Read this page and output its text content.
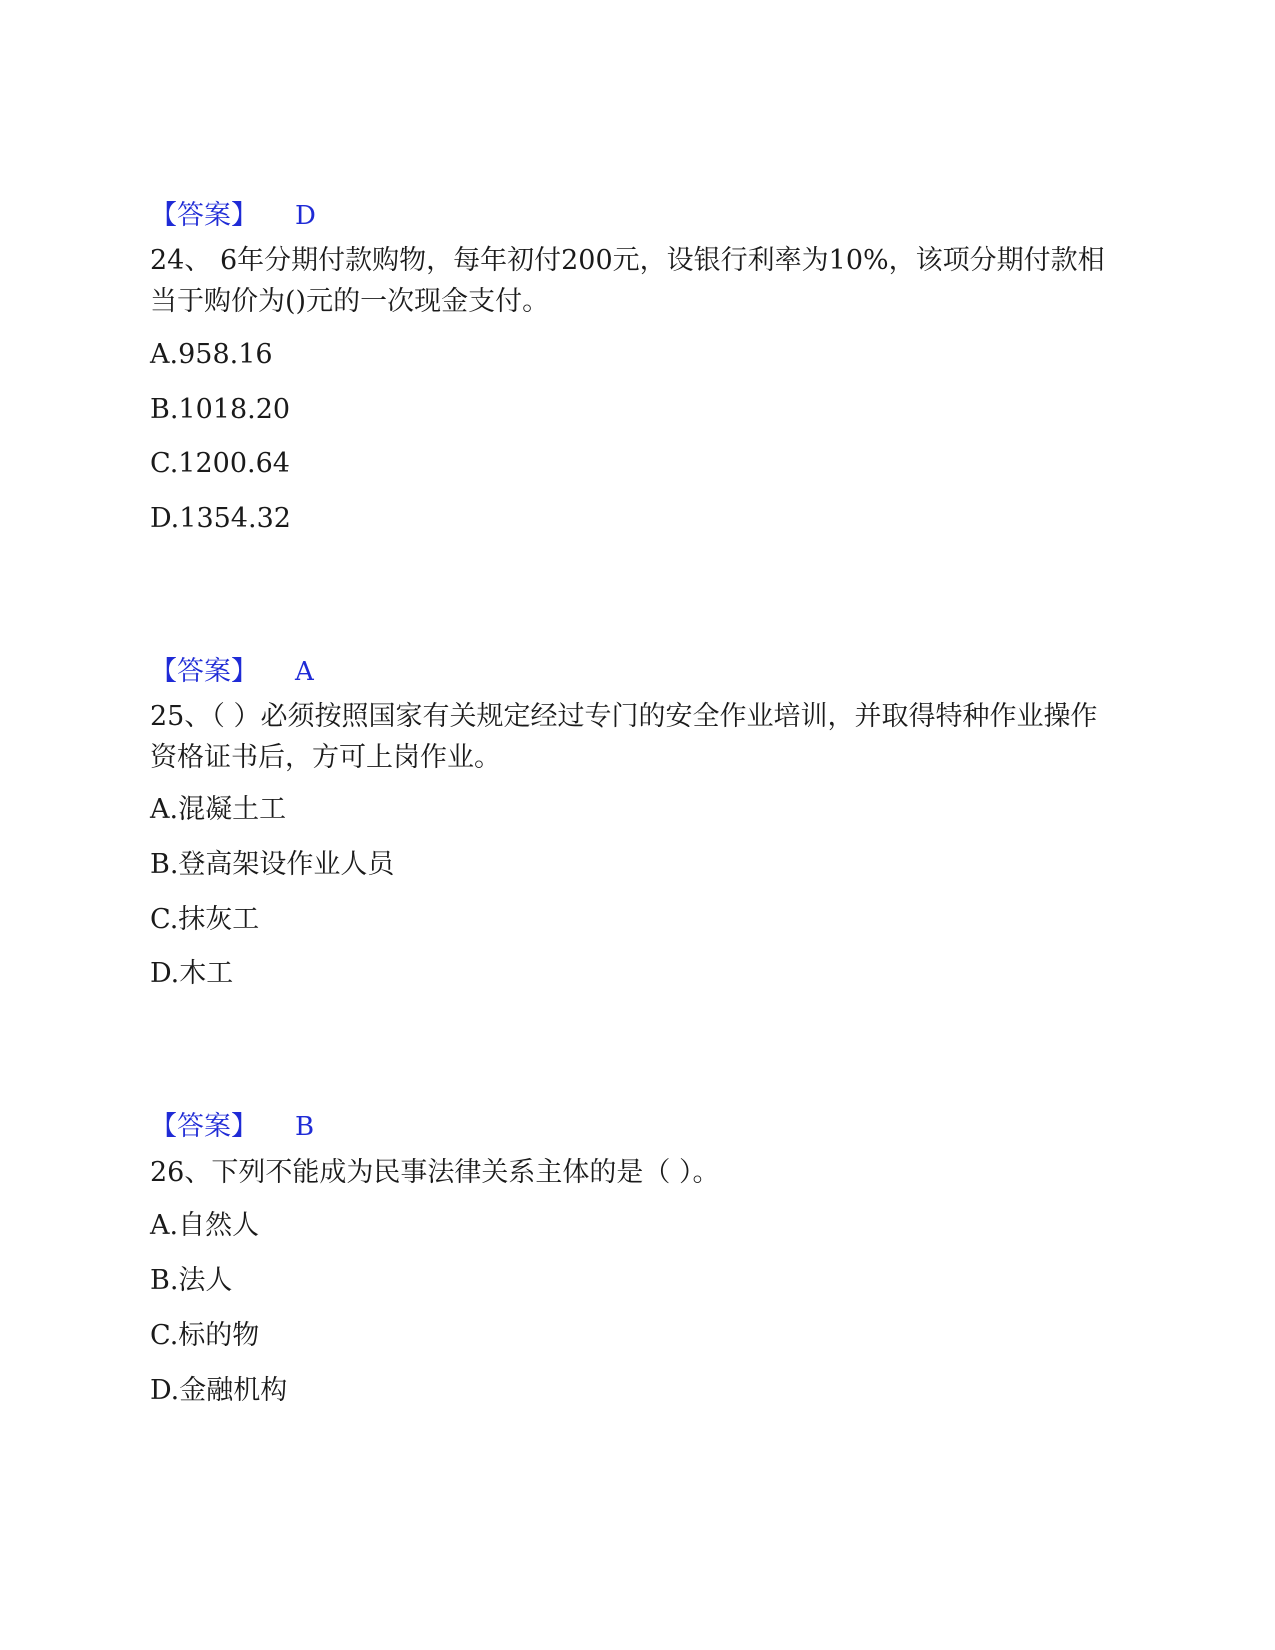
【答案】 D
24、 6年分期付款购物，每年初付200元，设银行利率为10%，该项分期付款相当于购价为()元的一次现金支付。
A.958.16
B.1018.20
C.1200.64
D.1354.32
【答案】 A
25、（ ）必须按照国家有关规定经过专门的安全作业培训，并取得特种作业操作资格证书后，方可上岗作业。
A.混凝土工
B.登高架设作业人员
C.抹灰工
D.木工
【答案】 B
26、下列不能成为民事法律关系主体的是（ ）。
A.自然人
B.法人
C.标的物
D.金融机构
